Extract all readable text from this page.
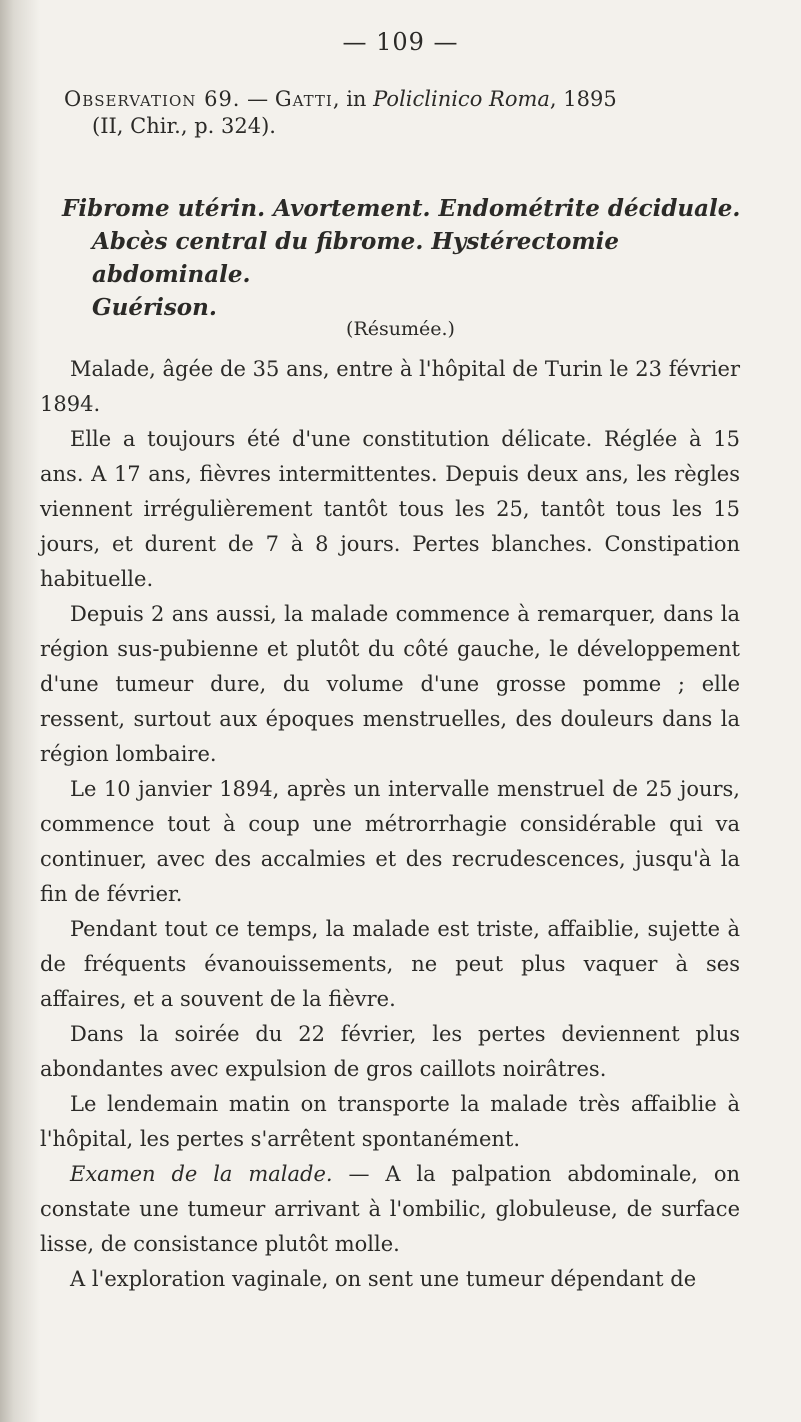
— 109 —
Observation 69. — Gatti, in Policlinico Roma, 1895
(II, Chir., p. 324).
Fibrome utérin. Avortement. Endométrite déciduale.
Abcès central du fibrome. Hystérectomie abdominale.
Guérison.
(Résumée.)

Malade, âgée de 35 ans, entre à l'hôpital de Turin le 23 février 1894.

Elle a toujours été d'une constitution délicate. Réglée à 15 ans. A 17 ans, fièvres intermittentes. Depuis deux ans, les règles viennent irrégulièrement tantôt tous les 25, tantôt tous les 15 jours, et durent de 7 à 8 jours. Pertes blanches. Constipation habituelle.

Depuis 2 ans aussi, la malade commence à remarquer, dans la région sus-pubienne et plutôt du côté gauche, le développement d'une tumeur dure, du volume d'une grosse pomme ; elle ressent, surtout aux époques menstruelles, des douleurs dans la région lombaire.

Le 10 janvier 1894, après un intervalle menstruel de 25 jours, commence tout à coup une métrorrhagie considérable qui va continuer, avec des accalmies et des recrudescences, jusqu'à la fin de février.

Pendant tout ce temps, la malade est triste, affaiblie, sujette à de fréquents évanouissements, ne peut plus vaquer à ses affaires, et a souvent de la fièvre.

Dans la soirée du 22 février, les pertes deviennent plus abondantes avec expulsion de gros caillots noirâtres.

Le lendemain matin on transporte la malade très affaiblie à l'hôpital, les pertes s'arrêtent spontanément.

Examen de la malade. — A la palpation abdominale, on constate une tumeur arrivant à l'ombilic, globuleuse, de surface lisse, de consistance plutôt molle.

A l'exploration vaginale, on sent une tumeur dépendant de
